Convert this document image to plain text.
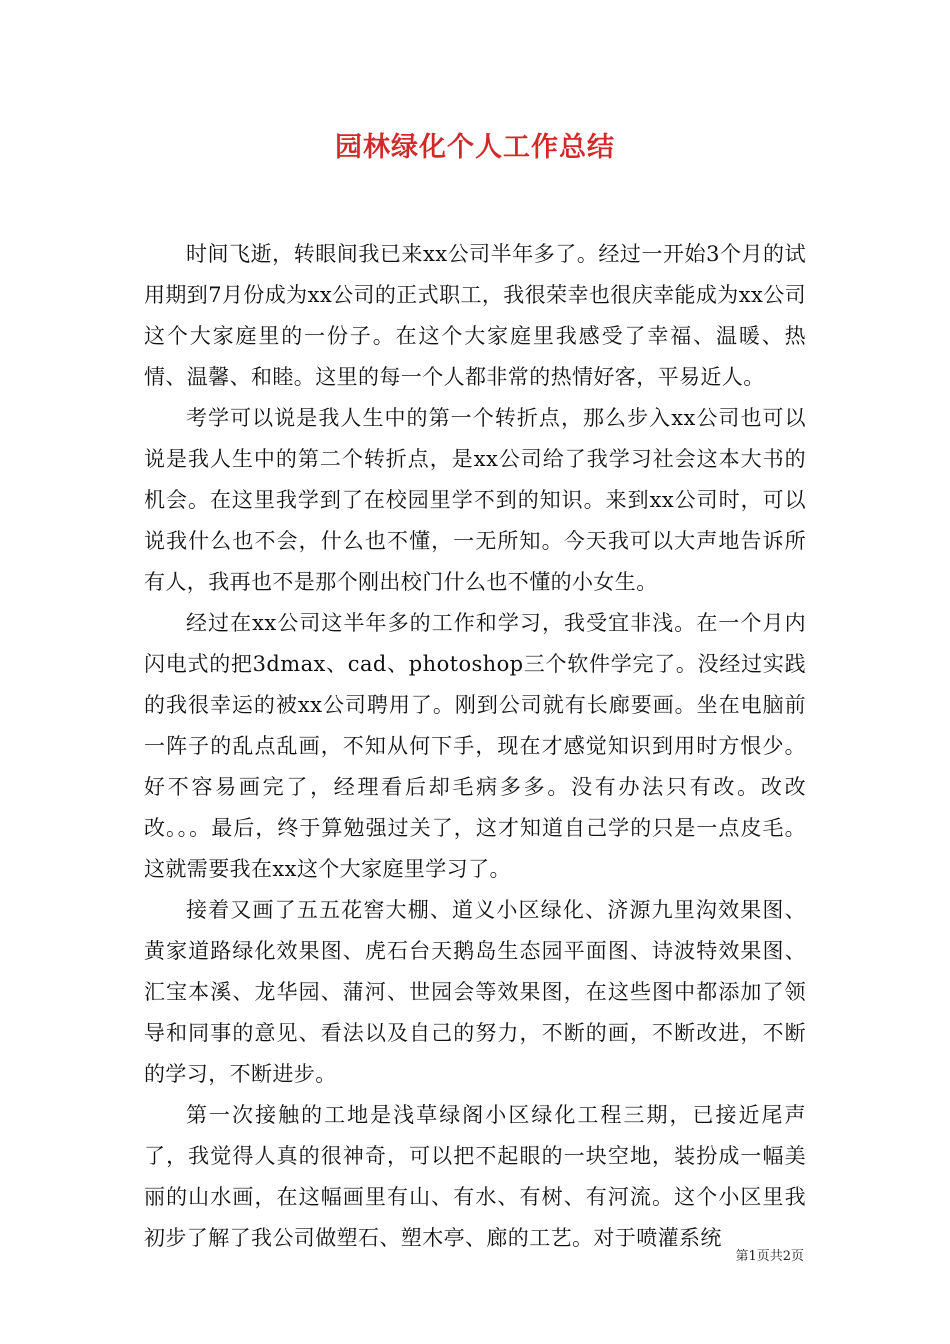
园林绿化个人工作总结

时间飞逝，转眼间我已来xx公司半年多了。经过一开始3个月的试用期到7月份成为xx公司的正式职工，我很荣幸也很庆幸能成为xx公司这个大家庭里的一份子。在这个大家庭里我感受了幸福、温暖、热情、温馨、和睦。这里的每一个人都非常的热情好客，平易近人。

考学可以说是我人生中的第一个转折点，那么步入xx公司也可以说是我人生中的第二个转折点，是xx公司给了我学习社会这本大书的机会。在这里我学到了在校园里学不到的知识。来到xx公司时，可以说我什么也不会，什么也不懂，一无所知。今天我可以大声地告诉所有人，我再也不是那个刚出校门什么也不懂的小女生。

经过在xx公司这半年多的工作和学习，我受宜非浅。在一个月内闪电式的把3dmax、cad、photoshop三个软件学完了。没经过实践的我很幸运的被xx公司聘用了。刚到公司就有长廊要画。坐在电脑前一阵子的乱点乱画，不知从何下手，现在才感觉知识到用时方恨少。好不容易画完了，经理看后却毛病多多。没有办法只有改。改改改。。。最后，终于算勉强过关了，这才知道自己学的只是一点皮毛。这就需要我在xx这个大家庭里学习了。

接着又画了五五花窖大棚、道义小区绿化、济源九里沟效果图、黄家道路绿化效果图、虎石台天鹅岛生态园平面图、诗波特效果图、汇宝本溪、龙华园、蒲河、世园会等效果图，在这些图中都添加了领导和同事的意见、看法以及自己的努力，不断的画，不断改进，不断的学习，不断进步。

第一次接触的工地是浅草绿阁小区绿化工程三期，已接近尾声了，我觉得人真的很神奇，可以把不起眼的一块空地，装扮成一幅美丽的山水画，在这幅画里有山、有水、有树、有河流。这个小区里我初步了解了我公司做塑石、塑木亭、廊的工艺。对于喷灌系统

第1页共2页
